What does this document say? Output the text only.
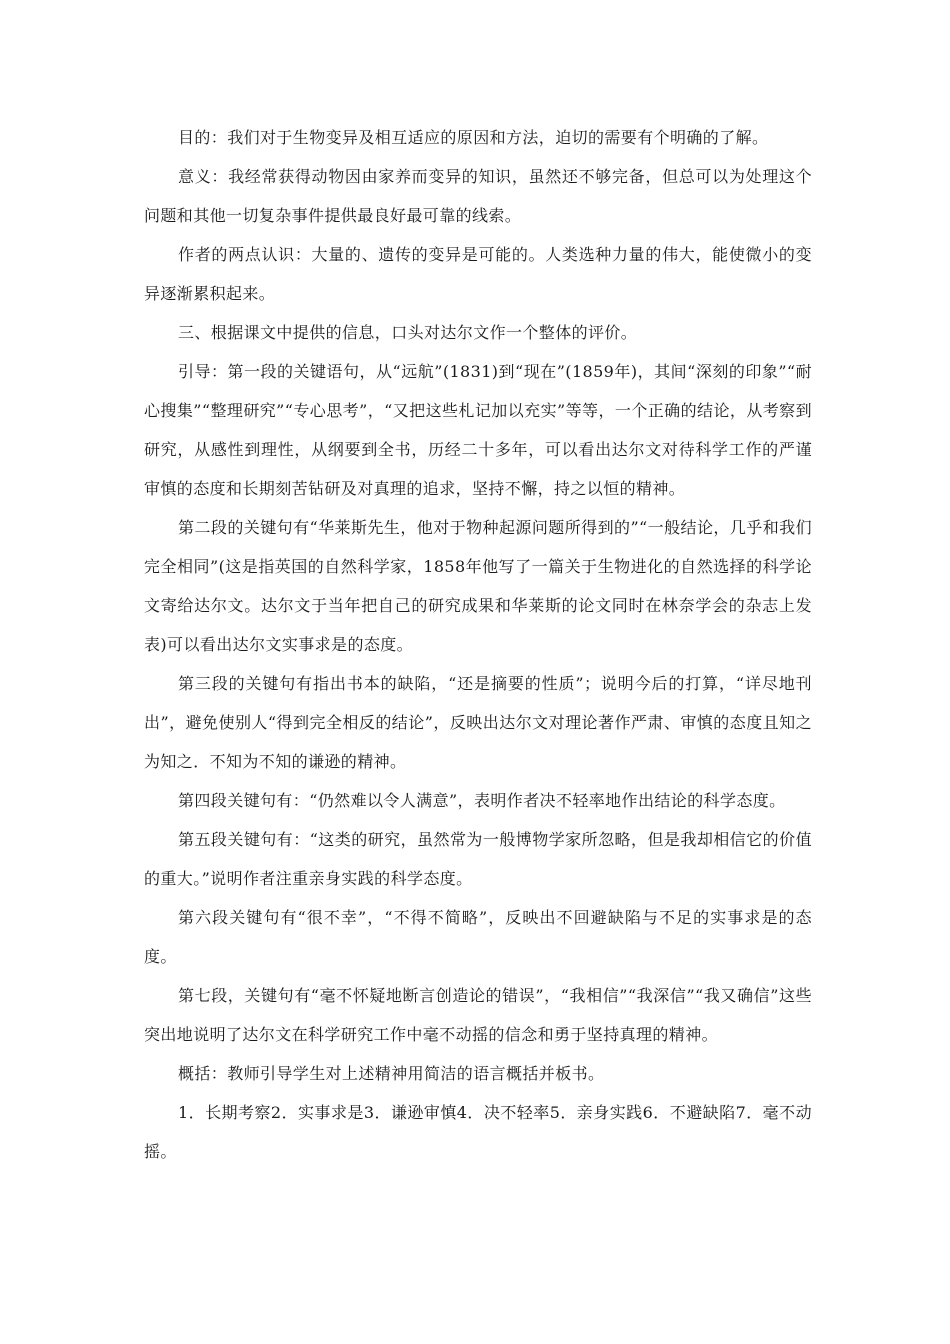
目的：我们对于生物变异及相互适应的原因和方法，迫切的需要有个明确的了解。

意义：我经常获得动物因由家养而变异的知识，虽然还不够完备，但总可以为处理这个问题和其他一切复杂事件提供最良好最可靠的线索。

作者的两点认识：大量的、遗传的变异是可能的。人类选种力量的伟大，能使微小的变异逐渐累积起来。

三、根据课文中提供的信息，口头对达尔文作一个整体的评价。

引导：第一段的关键语句，从“远航”(1831)到“现在”(1859年)，其间“深刻的印象”“耐心搜集”“整理研究”“专心思考”，“又把这些札记加以充实”等等，一个正确的结论，从考察到研究，从感性到理性，从纲要到全书，历经二十多年，可以看出达尔文对待科学工作的严谨审慎的态度和长期刻苦钻研及对真理的追求，坚持不懈，持之以恒的精神。

第二段的关键句有“华莱斯先生，他对于物种起源问题所得到的”“一般结论，几乎和我们完全相同”(这是指英国的自然科学家，1858年他写了一篇关于生物进化的自然选择的科学论文寄给达尔文。达尔文于当年把自己的研究成果和华莱斯的论文同时在林奈学会的杂志上发表)可以看出达尔文实事求是的态度。

第三段的关键句有指出书本的缺陷，“还是摘要的性质”；说明今后的打算，“详尽地刊出”，避免使别人“得到完全相反的结论”，反映出达尔文对理论著作严肃、审慎的态度且知之为知之．不知为不知的谦逊的精神。

第四段关键句有：“仍然难以令人满意”，表明作者决不轻率地作出结论的科学态度。

第五段关键句有：“这类的研究，虽然常为一般博物学家所忽略，但是我却相信它的价值的重大。”说明作者注重亲身实践的科学态度。

第六段关键句有“很不幸”，“不得不简略”，反映出不回避缺陷与不足的实事求是的态度。

第七段，关键句有“毫不怀疑地断言创造论的错误”，“我相信”“我深信”“我又确信”这些突出地说明了达尔文在科学研究工作中毫不动摇的信念和勇于坚持真理的精神。

概括：教师引导学生对上述精神用简洁的语言概括并板书。

1．长期考察2．实事求是3．谦逊审慎4．决不轻率5．亲身实践6．不避缺陷7．毫不动摇。
